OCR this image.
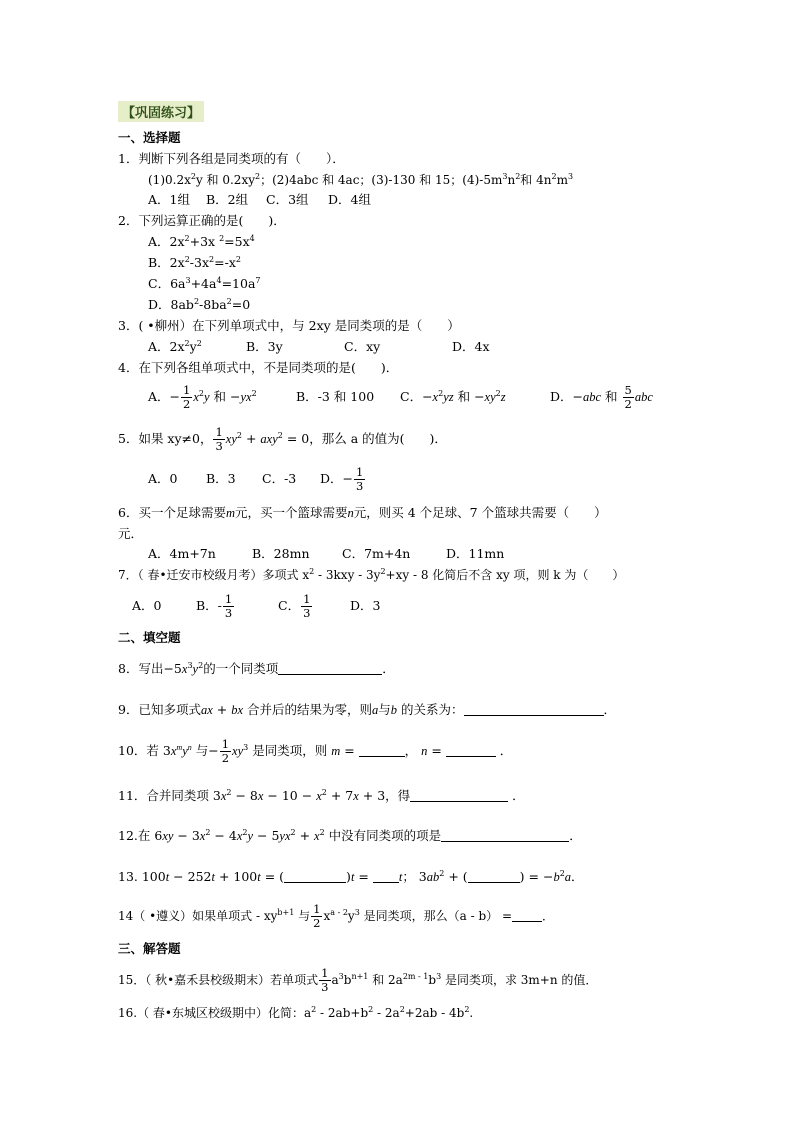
【巩固练习】
一、选择题
1．判断下列各组是同类项的有（　　）．
$(1)0.2x^2y$ 和 $0.2xy^2$；(2)4abc 和 4ac；(3)-130 和 15；$(4)-5m^3n^2$和 $4n^2m^3$
A．1组 B．2组 C．3组 D．4组
2．下列运算正确的是(　　)．
A．$2x^2+3x$ $^2=5x^4$
B．$2x^2-3x^2=-x^2$
C．$6a^3+4a^4=10a^7$
D．$8ab^2-8ba^2=0$
3．( •柳州）在下列单项式中，与 2xy 是同类项的是（　　）
A．$2x^2y^2$	B．3y	C．xy	D．4x
4．在下列各组单项式中，不是同类项的是(　　)．
A．− $\frac{1}{2} x^2y$ 和 $-yx^2$	B．-3 和 100 C．$-x^2yz$ 和 $-xy^2z$	D．−abc 和 $\frac{5}{2}$ abc
5．如果 xy≠0， $\frac{1}{3} xy^2 + axy^2 = 0$，那么 a 的值为(　　)．
A．0 B．3 C．-3 D．− $\frac{1}{3}$
6．买一个足球需要m元，买一个篮球需要n元，则买 4 个足球、7 个篮球共需要（　　）
元．
A．4m+7n	B．28mn	C．7m+4n	D．11mn
7．（ 春•迁安市校级月考）多项式 $x^2 - 3kxy - 3y^2+xy - 8$ 化简后不含 xy 项，则 k 为（　　）
A．0	B．- $\frac{1}{3}$	C． $\frac{1}{3}$	D．3
二、填空题
8．写出$-5x^3y^2$的一个同类项	．
9．已知多项式ax + bx 合并后的结果为零，则a与b 的关系为：	．
10．若 $3x^my^n$ 与− $\frac{1}{2} xy^3$ 是同类项，则 m =	， n =	．
11．合并同类项 $3x^2 - 8x - 10 - x^2 + 7x + 3$，得	．
12.在 $6xy - 3x^2 - 4x^2y - 5yx^2 + x^2$ 中没有同类项的项是	．
13. 100t − 252t + 100t = (	)t = t； $3ab^2$ + (	) = $-b^2a$．
14（ •遵义）如果单项式 - $xy^{b+1}$ 与 $\frac{1}{2} x^{a - 2}y^3$ 是同类项，那么（a - b） =	．
三、解答题
15．（ 秋•嘉禾县校级期末）若单项式 $\frac{1}{3} a^3b^{n+1}$ 和 $2a^{2m - 1}b^3$ 是同类项，求 3m+n 的值．
16.（ 春•东城区校级期中）化简：$a^2 - 2ab+b^2 - 2a^2+2ab - 4b^2$.
